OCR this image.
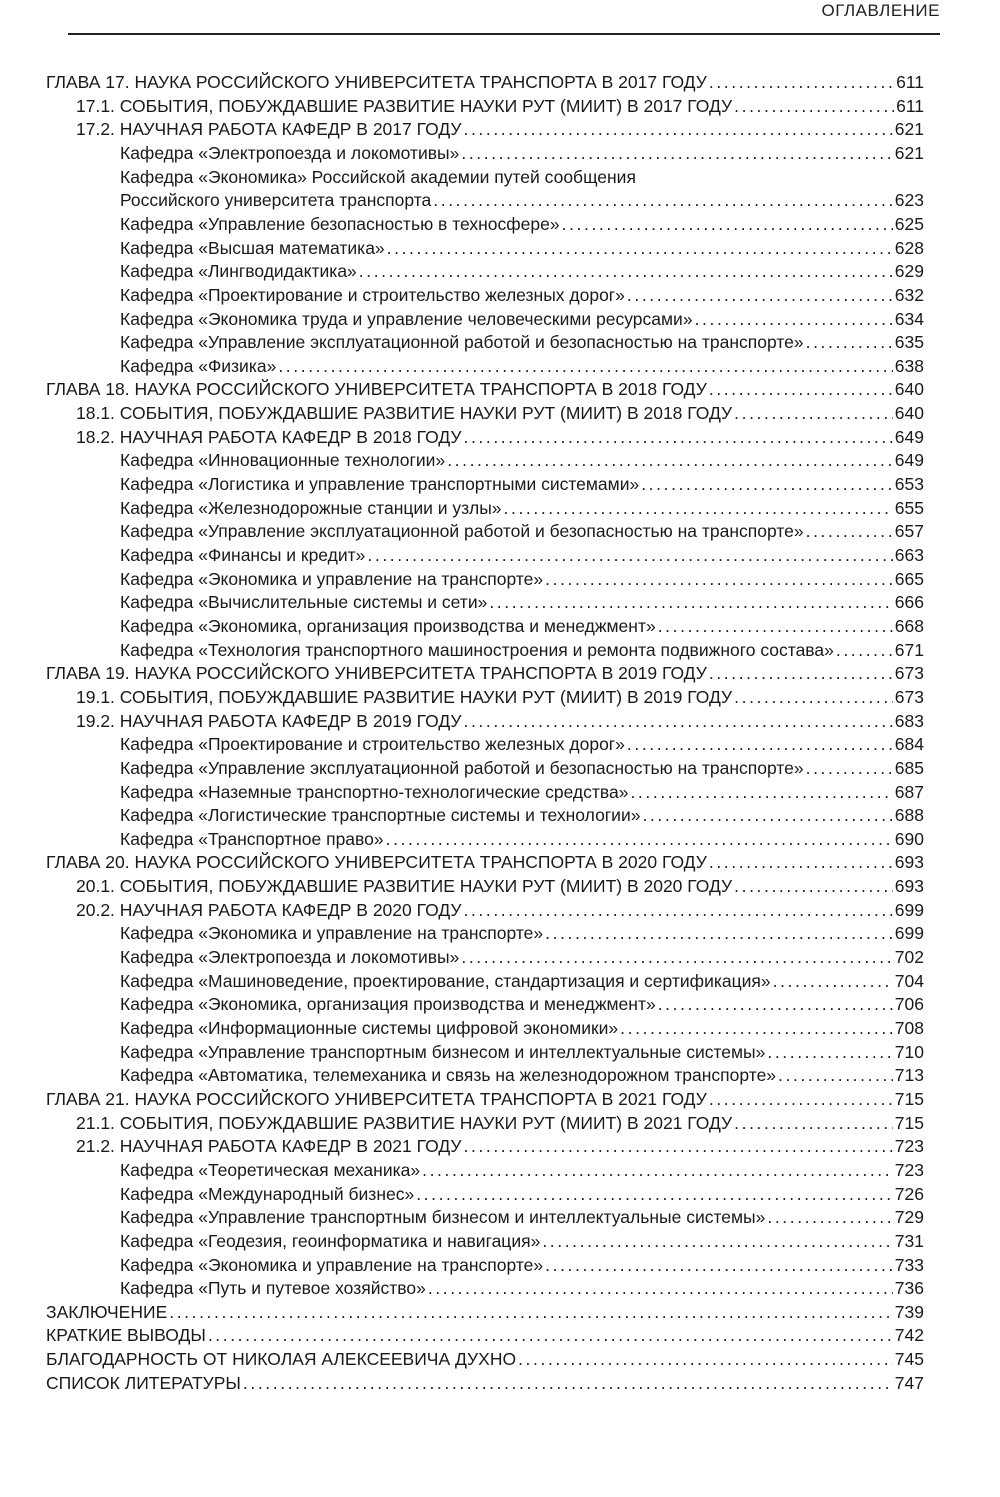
ОГЛАВЛЕНИЕ
ГЛАВА 17. НАУКА РОССИЙСКОГО УНИВЕРСИТЕТА ТРАНСПОРТА В 2017 ГОДУ .....	611
17.1. СОБЫТИЯ, ПОБУЖДАВШИЕ РАЗВИТИЕ НАУКИ РУТ (МИИТ) В 2017 ГОДУ .....	611
17.2. НАУЧНАЯ РАБОТА КАФЕДР В 2017 ГОДУ .....	621
Кафедра «Электропоезда и локомотивы» .....	621
Кафедра «Экономика» Российской академии путей сообщения
Российского университета транспорта .....	623
Кафедра «Управление безопасностью в техносфере» .....	625
Кафедра «Высшая математика» .....	628
Кафедра «Лингводидактика» .....	629
Кафедра «Проектирование и строительство железных дорог» .....	632
Кафедра «Экономика труда и управление человеческими ресурсами» .....	634
Кафедра «Управление эксплуатационной работой и безопасностью на транспорте» .....	635
Кафедра «Физика» .....	638
ГЛАВА 18. НАУКА РОССИЙСКОГО УНИВЕРСИТЕТА ТРАНСПОРТА В 2018 ГОДУ .....	640
18.1. СОБЫТИЯ, ПОБУЖДАВШИЕ РАЗВИТИЕ НАУКИ РУТ (МИИТ) В 2018 ГОДУ .....	640
18.2. НАУЧНАЯ РАБОТА КАФЕДР В 2018 ГОДУ .....	649
Кафедра «Инновационные технологии» .....	649
Кафедра «Логистика и управление транспортными системами» .....	653
Кафедра «Железнодорожные станции и узлы» .....	655
Кафедра «Управление эксплуатационной работой и безопасностью на транспорте» .....	657
Кафедра «Финансы и кредит» .....	663
Кафедра «Экономика и управление на транспорте» .....	665
Кафедра «Вычислительные системы и сети» .....	666
Кафедра «Экономика, организация производства и менеджмент» .....	668
Кафедра «Технология транспортного машиностроения и ремонта подвижного состава» .....	671
ГЛАВА 19. НАУКА РОССИЙСКОГО УНИВЕРСИТЕТА ТРАНСПОРТА В 2019 ГОДУ .....	673
19.1. СОБЫТИЯ, ПОБУЖДАВШИЕ РАЗВИТИЕ НАУКИ РУТ (МИИТ) В 2019 ГОДУ .....	673
19.2. НАУЧНАЯ РАБОТА КАФЕДР В 2019 ГОДУ .....	683
Кафедра «Проектирование и строительство железных дорог» .....	684
Кафедра «Управление эксплуатационной работой и безопасностью на транспорте» .....	685
Кафедра «Наземные транспортно-технологические средства» .....	687
Кафедра «Логистические транспортные системы и технологии» .....	688
Кафедра «Транспортное право» .....	690
ГЛАВА 20. НАУКА РОССИЙСКОГО УНИВЕРСИТЕТА ТРАНСПОРТА В 2020 ГОДУ .....	693
20.1. СОБЫТИЯ, ПОБУЖДАВШИЕ РАЗВИТИЕ НАУКИ РУТ (МИИТ) В 2020 ГОДУ .....	693
20.2. НАУЧНАЯ РАБОТА КАФЕДР В 2020 ГОДУ .....	699
Кафедра «Экономика и управление на транспорте» .....	699
Кафедра «Электропоезда и локомотивы» .....	702
Кафедра «Машиноведение, проектирование, стандартизация и сертификация» .....	704
Кафедра «Экономика, организация производства и менеджмент» .....	706
Кафедра «Информационные системы цифровой экономики» .....	708
Кафедра «Управление транспортным бизнесом и интеллектуальные системы» .....	710
Кафедра «Автоматика, телемеханика и связь на железнодорожном транспорте» .....	713
ГЛАВА 21. НАУКА РОССИЙСКОГО УНИВЕРСИТЕТА ТРАНСПОРТА В 2021 ГОДУ .....	715
21.1. СОБЫТИЯ, ПОБУЖДАВШИЕ РАЗВИТИЕ НАУКИ РУТ (МИИТ) В 2021 ГОДУ .....	715
21.2. НАУЧНАЯ РАБОТА КАФЕДР В 2021 ГОДУ .....	723
Кафедра «Теоретическая механика» .....	723
Кафедра «Международный бизнес» .....	726
Кафедра «Управление транспортным бизнесом и интеллектуальные системы» .....	729
Кафедра «Геодезия, геоинформатика и навигация» .....	731
Кафедра «Экономика и управление на транспорте» .....	733
Кафедра «Путь и путевое хозяйство» .....	736
ЗАКЛЮЧЕНИЕ .....	739
КРАТКИЕ ВЫВОДЫ .....	742
БЛАГОДАРНОСТЬ ОТ НИКОЛАЯ АЛЕКСЕЕВИЧА ДУХНО .....	745
СПИСОК ЛИТЕРАТУРЫ .....	747
